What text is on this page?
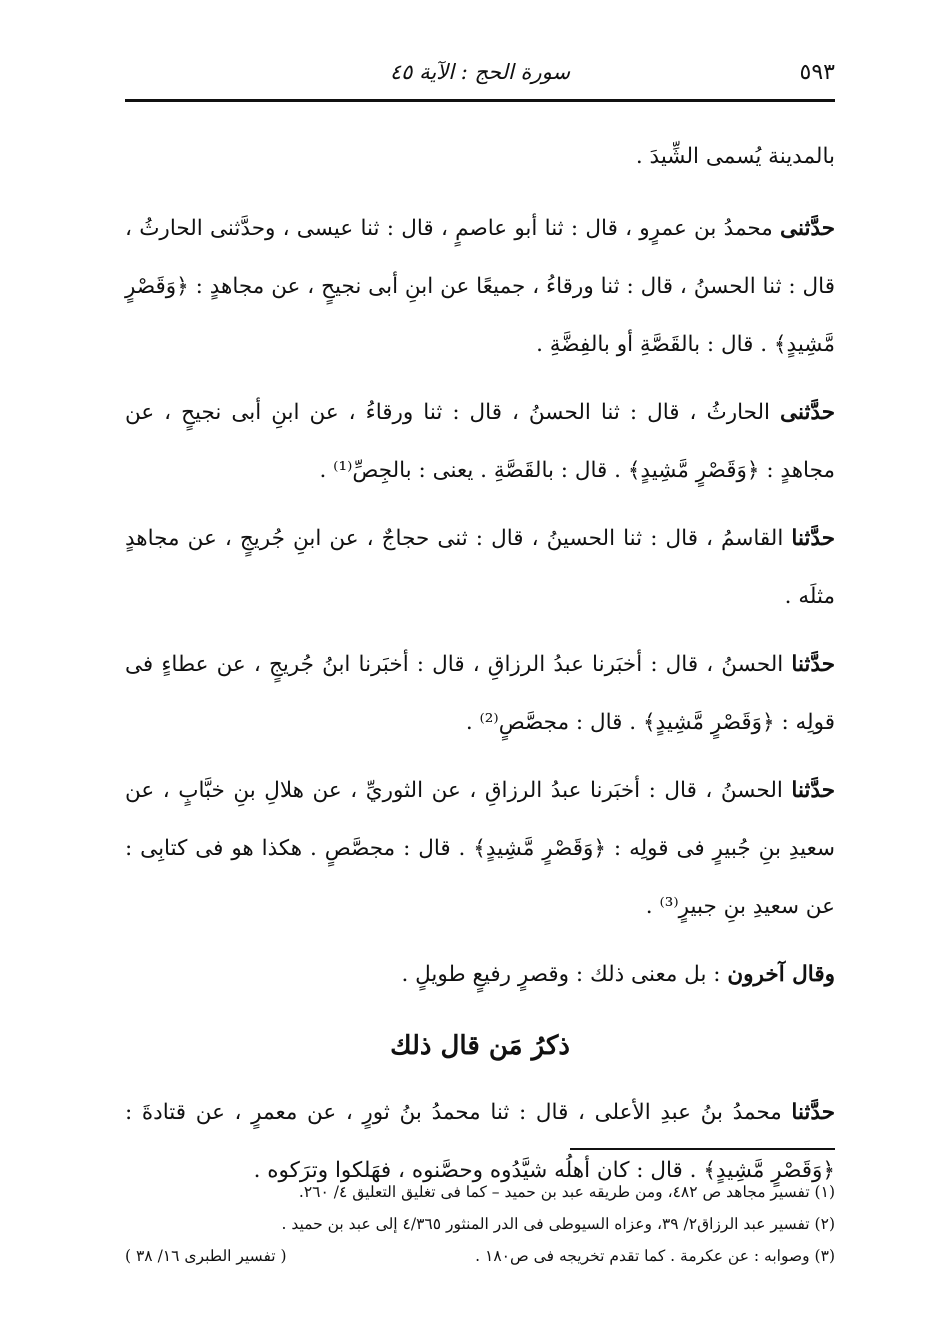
سورة الحج : الآية ٤٥	٥٩٣

بالمدينة يُسمى الشِّيدَ .

حدَّثنى محمدُ بن عمرٍو ، قال : ثنا أبو عاصمٍ ، قال : ثنا عيسى ، وحدَّثنى الحارثُ ، قال : ثنا الحسنُ ، قال : ثنا ورقاءُ ، جميعًا عن ابنِ أبى نجيحٍ ، عن مجاهدٍ : ﴿وَقَصْرٍ مَّشِيدٍ﴾ . قال : بالقَصَّةِ أو بالفِضَّةِ .

حدَّثنى الحارثُ ، قال : ثنا الحسنُ ، قال : ثنا ورقاءُ ، عن ابنِ أبى نجيحٍ ، عن مجاهدٍ : ﴿وَقَصْرٍ مَّشِيدٍ﴾ . قال : بالقَصَّةِ . يعنى : بالجِصِّ⁽¹⁾ .

حدَّثنا القاسمُ ، قال : ثنا الحسينُ ، قال : ثنى حجاجٌ ، عن ابنِ جُريجٍ ، عن مجاهدٍ مثلَه .

حدَّثنا الحسنُ ، قال : أخبَرنا عبدُ الرزاقِ ، قال : أخبَرنا ابنُ جُريجٍ ، عن عطاءٍ فى قولِه : ﴿وَقَصْرٍ مَّشِيدٍ﴾ . قال : مجصَّصٍ⁽²⁾ .

حدَّثنا الحسنُ ، قال : أخبَرنا عبدُ الرزاقِ ، عن الثوريِّ ، عن هلالِ بنِ خبَّابٍ ، عن سعيدِ بنِ جُبيرٍ فى قولِه : ﴿وَقَصْرٍ مَّشِيدٍ﴾ . قال : مجصَّصٍ . هكذا هو فى كتابِى : عن سعيدِ بنِ جبيرٍ⁽³⁾ .

وقال آخرون : بل معنى ذلك : وقصرٍ رفيعٍ طويلٍ .

ذكرُ مَن قال ذلك

حدَّثنا محمدُ بنُ عبدِ الأعلى ، قال : ثنا محمدُ بنُ ثورٍ ، عن معمرٍ ، عن قتادةَ : ﴿وَقَصْرٍ مَّشِيدٍ﴾ . قال : كان أهلُه شيَّدُوه وحصَّنوه ، فهَلكوا وترَكوه .

(١) تفسير مجاهد ص ٤٨٢، ومن طريقه عبد بن حميد – كما فى تغليق التعليق ٤/ ٢٦٠.
(٢) تفسير عبد الرزاق٢/ ٣٩، وعزاه السيوطى فى الدر المنثور ٤/٣٦٥ إلى عبد بن حميد .
(٣) وصوابه : عن عكرمة . كما تقدم تخريجه فى ص١٨٠ .
( تفسير الطبرى ١٦/ ٣٨ )
